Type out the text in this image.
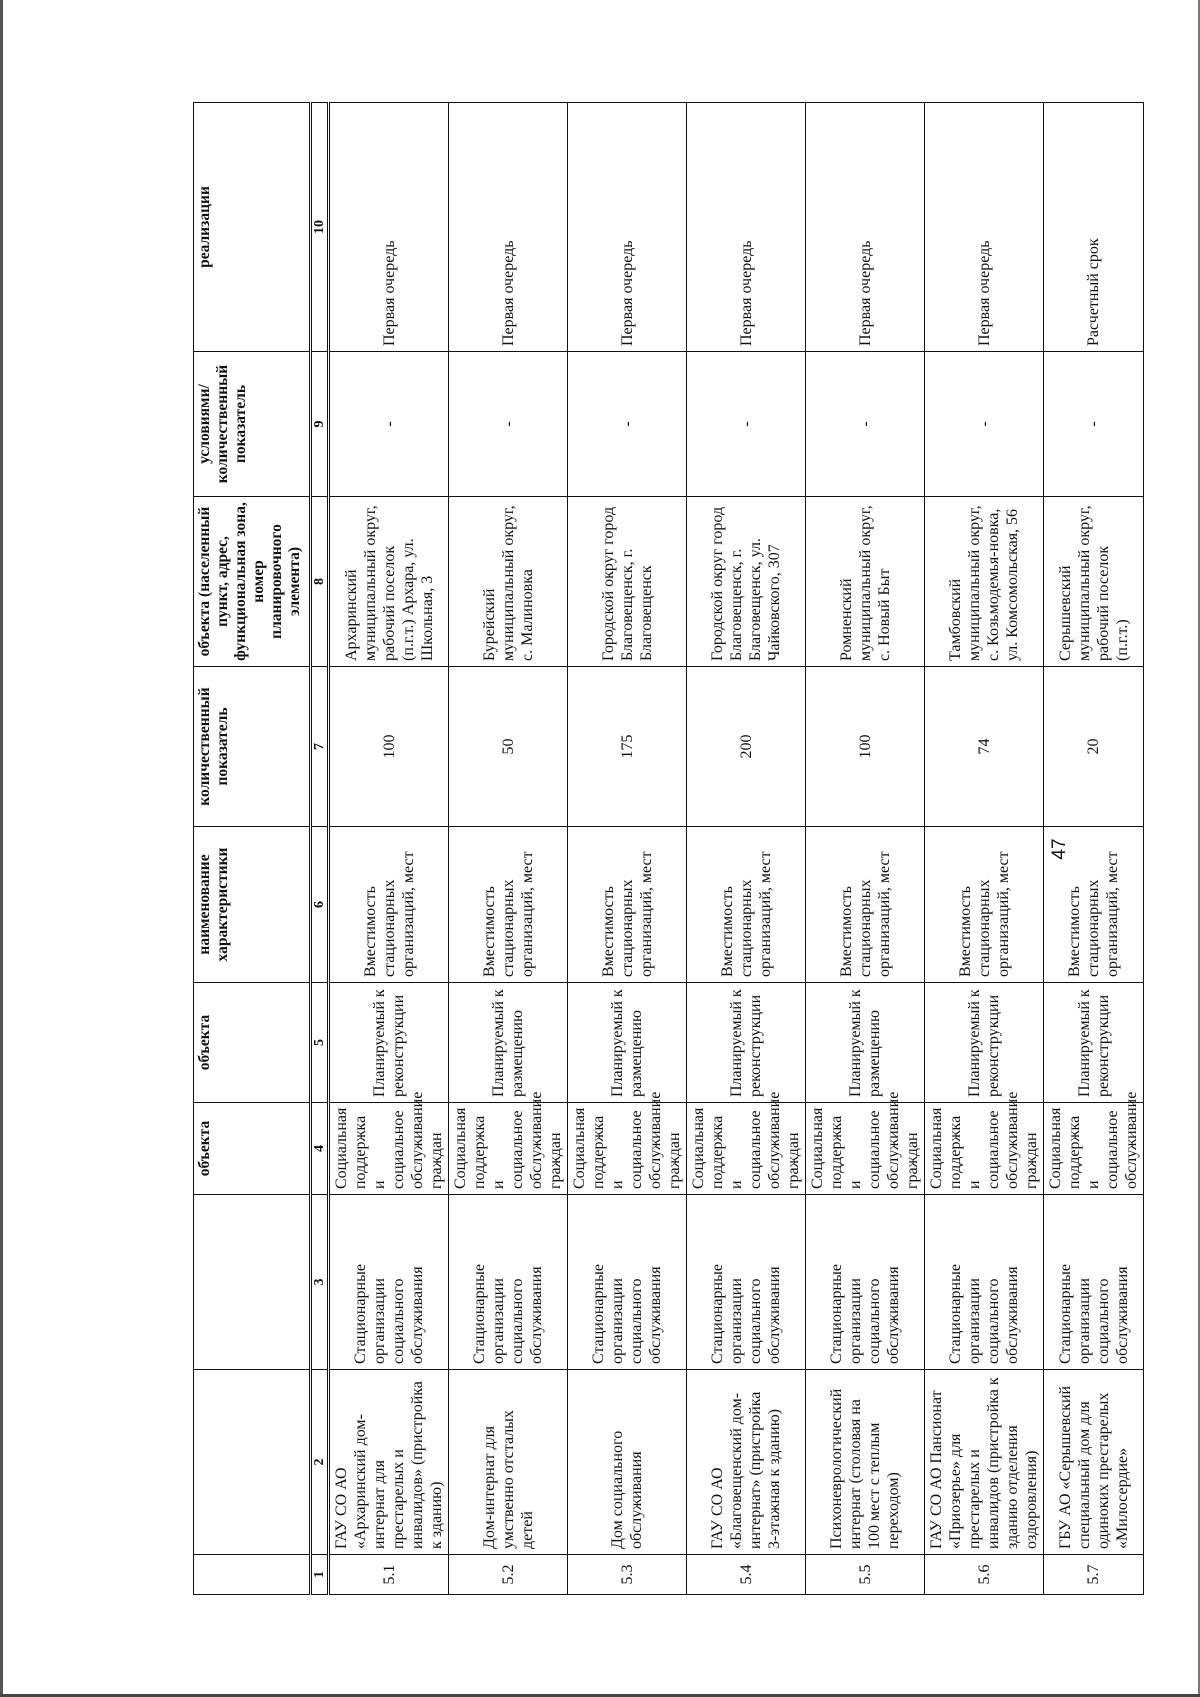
47
			объекта	объекта	наименование характеристики	количественный показатель	объекта (населенный пункт, адрес, функциональная зона, номер планировочного элемента)	условиями/ количественный показатель	реализации
1	2	3	4	5	6	7	8	9	10
5.1	ГАУ СО АО «Архаринский дом-интернат для престарелых и инвалидов» (пристройка к зданию)	Стационарные организации социального обслуживания	Социальная поддержка и социальное обслуживание граждан	Планируемый к реконструкции	Вместимость стационарных организаций, мест	100	Архаринский муниципальный округ, рабочий поселок (п.г.т.) Архара, ул. Школьная, 3	-	Первая очередь
5.2	Дом-интернат для умственно отсталых детей	Стационарные организации социального обслуживания	Социальная поддержка и социальное обслуживание граждан	Планируемый к размещению	Вместимость стационарных организаций, мест	50	Бурейский муниципальный округ, с. Малиновка	-	Первая очередь
5.3	Дом социального обслуживания	Стационарные организации социального обслуживания	Социальная поддержка и социальное обслуживание граждан	Планируемый к размещению	Вместимость стационарных организаций, мест	175	Городской округ город Благовещенск, г. Благовещенск	-	Первая очередь
5.4	ГАУ СО АО «Благовещенский дом-интернат» (пристройка 3-этажная к зданию)	Стационарные организации социального обслуживания	Социальная поддержка и социальное обслуживание граждан	Планируемый к реконструкции	Вместимость стационарных организаций, мест	200	Городской округ город Благовещенск, г. Благовещенск, ул. Чайковского, 307	-	Первая очередь
5.5	Психоневрологический интернат (столовая на 100 мест с теплым переходом)	Стационарные организации социального обслуживания	Социальная поддержка и социальное обслуживание граждан	Планируемый к размещению	Вместимость стационарных организаций, мест	100	Ромненский муниципальный округ, с. Новый Быт	-	Первая очередь
5.6	ГАУ СО АО Пансионат «Приозерье» для престарелых и инвалидов (пристройка к зданию отделения оздоровления)	Стационарные организации социального обслуживания	Социальная поддержка и социальное обслуживание граждан	Планируемый к реконструкции	Вместимость стационарных организаций, мест	74	Тамбовский муниципальный округ, с. Козьмодемья-новка, ул. Комсомольская, 56	-	Первая очередь
5.7	ГБУ АО «Серышевский специальный дом для одиноких престарелых «Милосердие»	Стационарные организации социального обслуживания	Социальная поддержка и социальное обслуживание	Планируемый к реконструкции	Вместимость стационарных организаций, мест	20	Серышевский муниципальный округ, рабочий поселок (п.г.т.)	-	Расчетный срок
